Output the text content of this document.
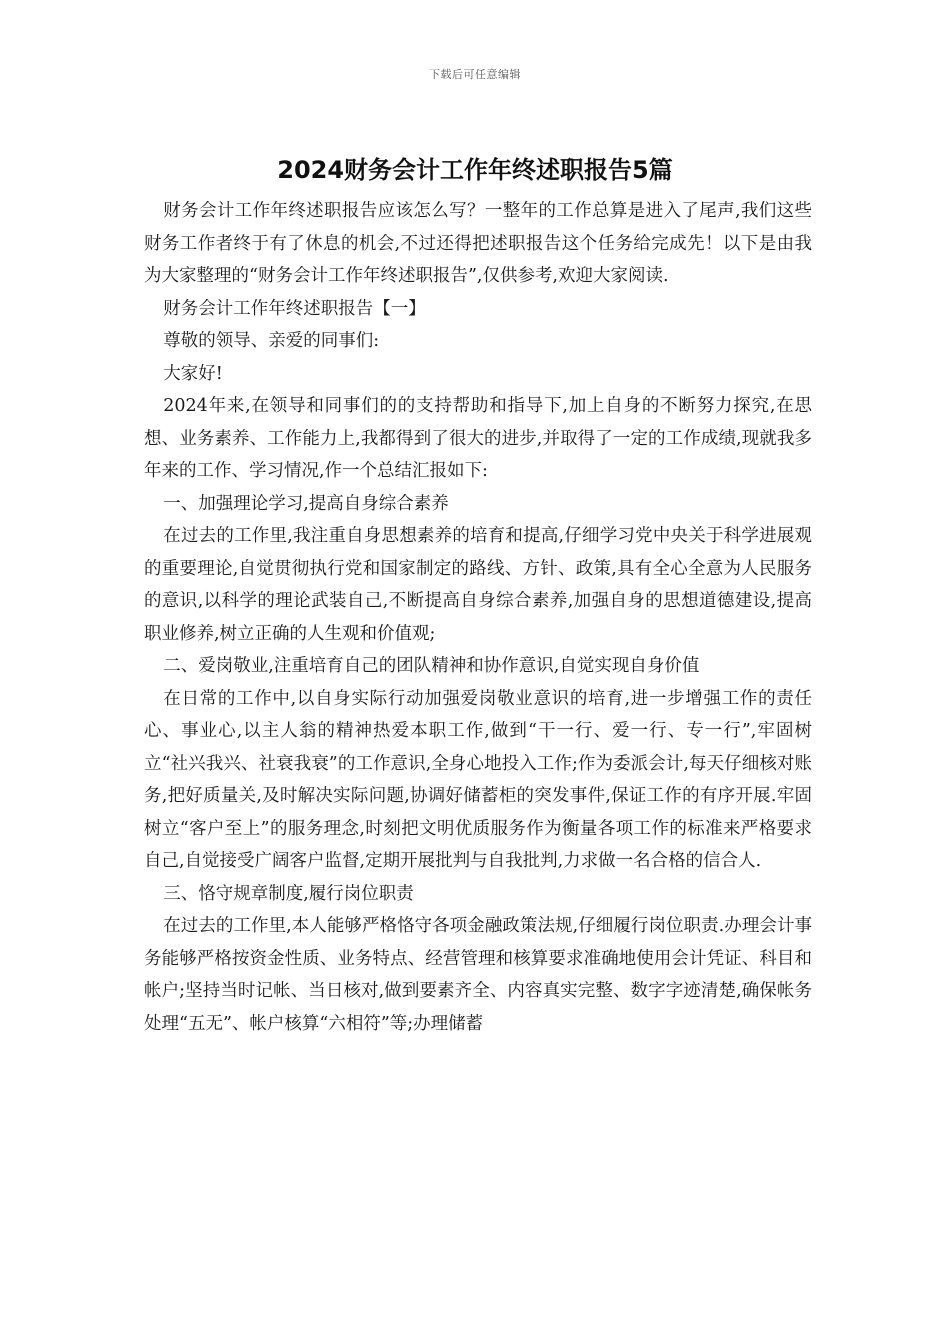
下载后可任意编辑
2024财务会计工作年终述职报告5篇

财务会计工作年终述职报告应该怎么写？一整年的工作总算是进入了尾声,我们这些财务工作者终于有了休息的机会,不过还得把述职报告这个任务给完成先！以下是由我为大家整理的“财务会计工作年终述职报告”,仅供参考,欢迎大家阅读.

财务会计工作年终述职报告【一】

尊敬的领导、亲爱的同事们:

大家好!

2024年来,在领导和同事们的的支持帮助和指导下,加上自身的不断努力探究,在思想、业务素养、工作能力上,我都得到了很大的进步,并取得了一定的工作成绩,现就我多年来的工作、学习情况,作一个总结汇报如下:

一、加强理论学习,提高自身综合素养

在过去的工作里,我注重自身思想素养的培育和提高,仔细学习党中央关于科学进展观的重要理论,自觉贯彻执行党和国家制定的路线、方针、政策,具有全心全意为人民服务的意识,以科学的理论武装自己,不断提高自身综合素养,加强自身的思想道德建设,提高职业修养,树立正确的人生观和价值观;

二、爱岗敬业,注重培育自己的团队精神和协作意识,自觉实现自身价值

在日常的工作中,以自身实际行动加强爱岗敬业意识的培育,进一步增强工作的责任心、事业心,以主人翁的精神热爱本职工作,做到“干一行、爱一行、专一行”,牢固树立“社兴我兴、社衰我衰”的工作意识,全身心地投入工作;作为委派会计,每天仔细核对账务,把好质量关,及时解决实际问题,协调好储蓄柜的突发事件,保证工作的有序开展.牢固树立“客户至上”的服务理念,时刻把文明优质服务作为衡量各项工作的标准来严格要求自己,自觉接受广阔客户监督,定期开展批判与自我批判,力求做一名合格的信合人.

三、恪守规章制度,履行岗位职责

在过去的工作里,本人能够严格恪守各项金融政策法规,仔细履行岗位职责.办理会计事务能够严格按资金性质、业务特点、经营管理和核算要求准确地使用会计凭证、科目和帐户;坚持当时记帐、当日核对,做到要素齐全、内容真实完整、数字字迹清楚,确保帐务处理“五无”、帐户核算“六相符”等;办理储蓄
